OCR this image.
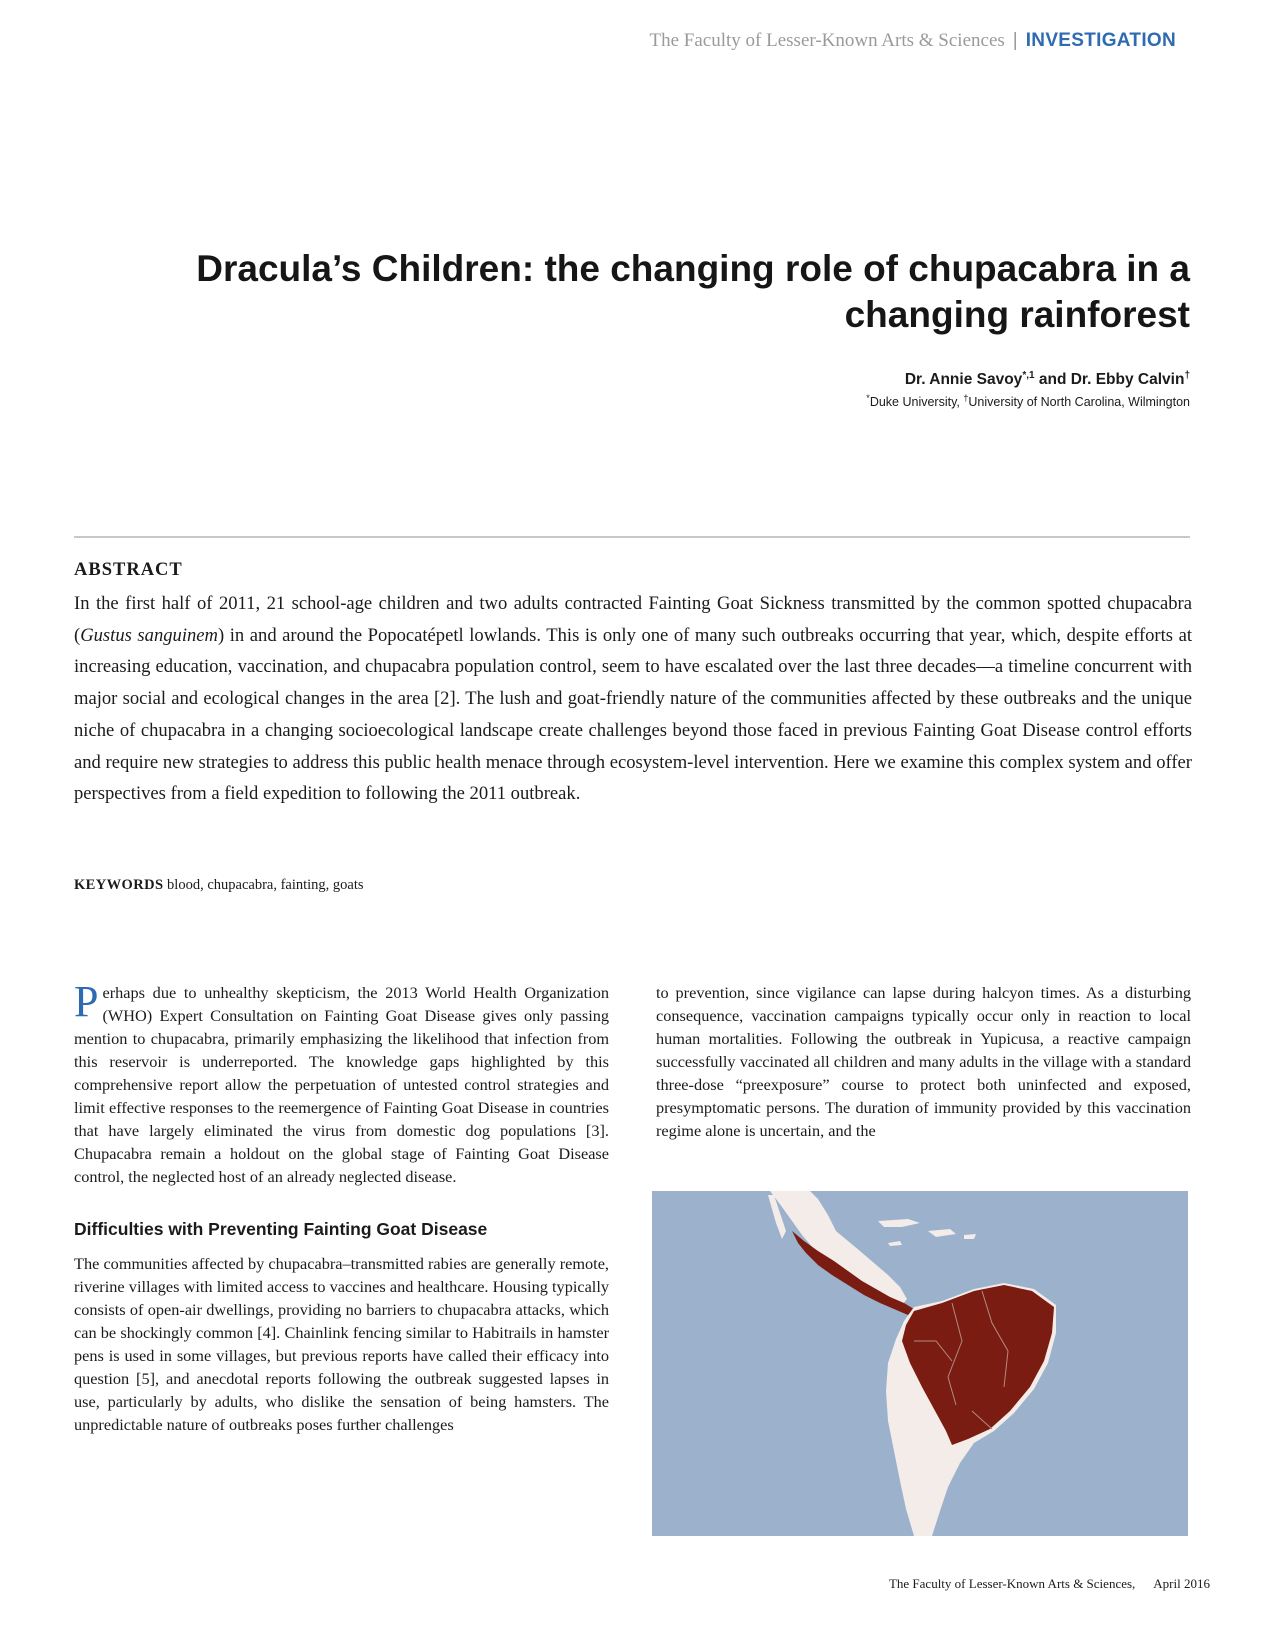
The Faculty of Lesser-Known Arts & Sciences | INVESTIGATION
Dracula’s Children: the changing role of chupacabra in a changing rainforest
Dr. Annie Savoy$^{*,1}$ and Dr. Ebby Calvin†
*Duke University, †University of North Carolina, Wilmington
ABSTRACT

In the first half of 2011, 21 school-age children and two adults contracted Fainting Goat Sickness transmitted by the common spotted chupacabra (Gustus sanguinem) in and around the Popocatépetl lowlands. This is only one of many such outbreaks occurring that year, which, despite efforts at increasing education, vaccination, and chupacabra population control, seem to have escalated over the last three decades—a timeline concurrent with major social and ecological changes in the area [2]. The lush and goat-friendly nature of the communities affected by these outbreaks and the unique niche of chupacabra in a changing socioecological landscape create challenges beyond those faced in previous Fainting Goat Disease control efforts and require new strategies to address this public health menace through ecosystem-level intervention. Here we examine this complex system and offer perspectives from a field expedition to following the 2011 outbreak.

KEYWORDS blood, chupacabra, fainting, goats

Perhaps due to unhealthy skepticism, the 2013 World Health Organization (WHO) Expert Consultation on Fainting Goat Disease gives only passing mention to chupacabra, primarily emphasizing the likelihood that infection from this reservoir is underreported. The knowledge gaps highlighted by this comprehensive report allow the perpetuation of untested control strategies and limit effective responses to the reemergence of Fainting Goat Disease in countries that have largely eliminated the virus from domestic dog populations [3]. Chupacabra remain a holdout on the global stage of Fainting Goat Disease control, the neglected host of an already neglected disease.

Difficulties with Preventing Fainting Goat Disease

The communities affected by chupacabra–transmitted rabies are generally remote, riverine villages with limited access to vaccines and healthcare. Housing typically consists of open-air dwellings, providing no barriers to chupacabra attacks, which can be shockingly common [4]. Chainlink fencing similar to Habitrails in hamster pens is used in some villages, but previous reports have called their efficacy into question [5], and anecdotal reports following the outbreak suggested lapses in use, particularly by adults, who dislike the sensation of being hamsters. The unpredictable nature of outbreaks poses further challenges

to prevention, since vigilance can lapse during halcyon times. As a disturbing consequence, vaccination campaigns typically occur only in reaction to local human mortalities. Following the outbreak in Yupicusa, a reactive campaign successfully vaccinated all children and many adults in the village with a standard three-dose “preexposure” course to protect both uninfected and exposed, presymptomatic persons. The duration of immunity provided by this vaccination regime alone is uncertain, and the

The Faculty of Lesser-Known Arts & Sciences, April 2016
